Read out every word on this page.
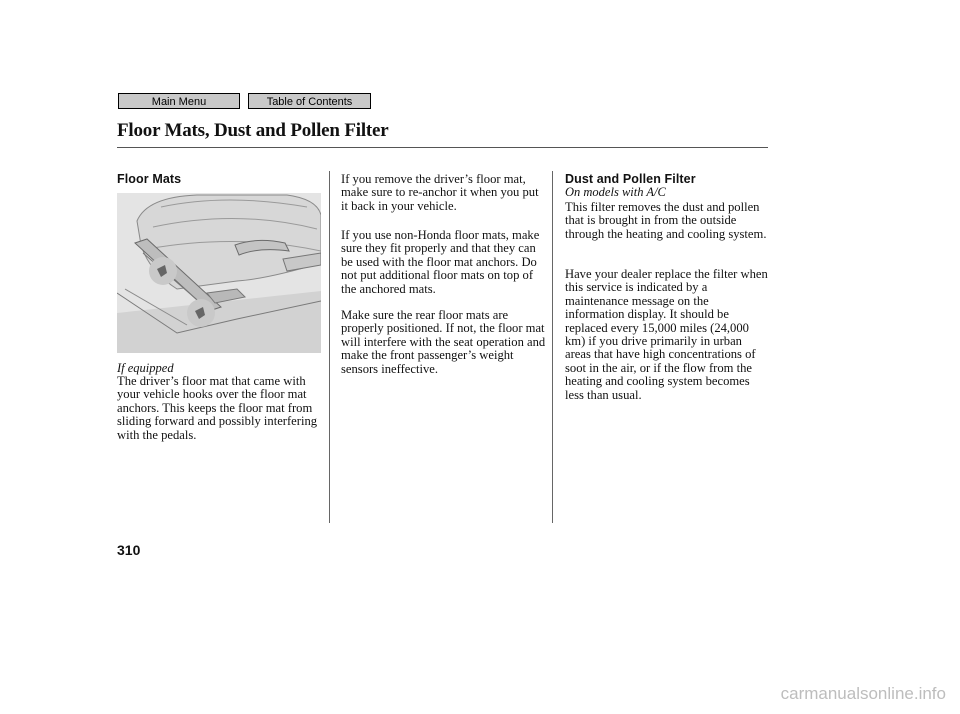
Main Menu	Table of Contents
Floor Mats, Dust and Pollen Filter
Floor Mats
If equipped

The driver’s floor mat that came with your vehicle hooks over the floor mat anchors. This keeps the floor mat from sliding forward and possibly interfering with the pedals.

If you remove the driver’s floor mat, make sure to re-anchor it when you put it back in your vehicle.

If you use non-Honda floor mats, make sure they fit properly and that they can be used with the floor mat anchors. Do not put additional floor mats on top of the anchored mats.

Make sure the rear floor mats are properly positioned. If not, the floor mat will interfere with the seat operation and make the front passenger’s weight sensors ineffective.

Dust and Pollen Filter
On models with A/C

This filter removes the dust and pollen that is brought in from the outside through the heating and cooling system.

Have your dealer replace the filter when this service is indicated by a maintenance message on the information display. It should be replaced every 15,000 miles (24,000 km) if you drive primarily in urban areas that have high concentrations of soot in the air, or if the flow from the heating and cooling system becomes less than usual.

310
carmanualsonline.info
